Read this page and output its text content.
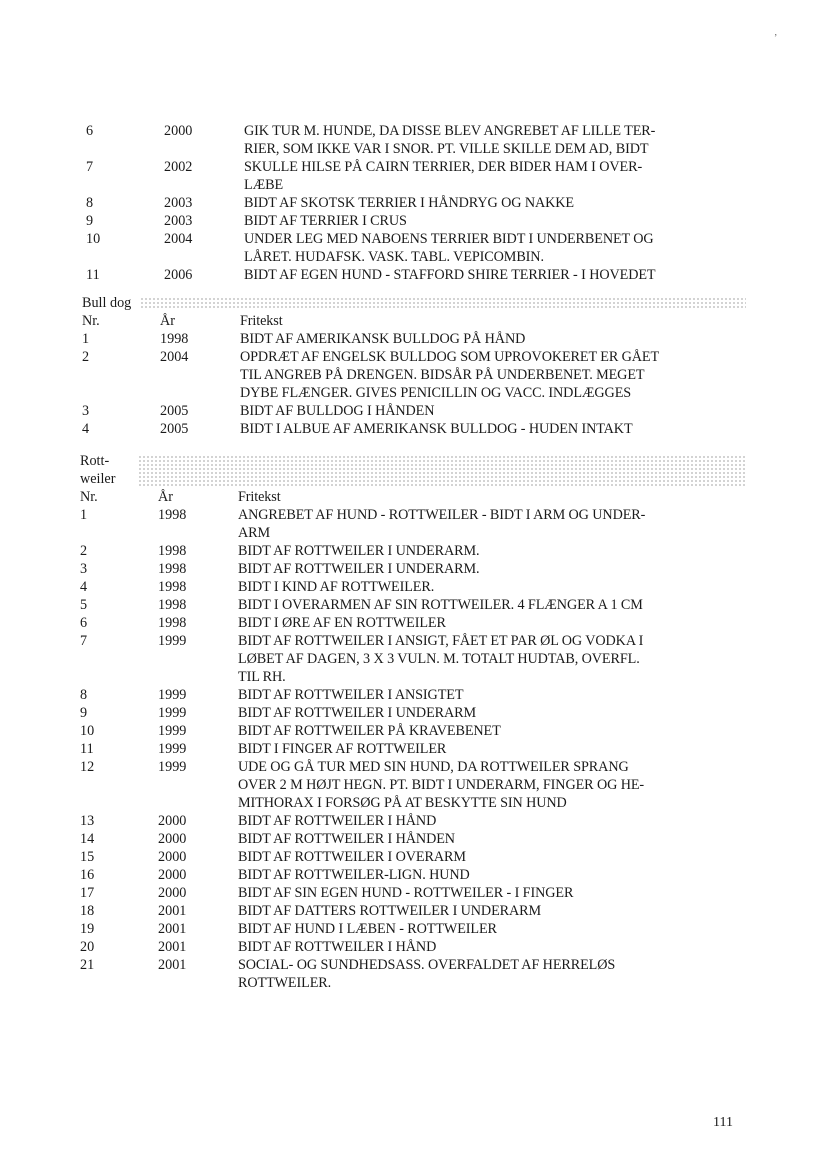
ʼ
6	2000	GIK TUR M. HUNDE, DA DISSE BLEV ANGREBET AF LILLE TER-
RIER, SOM IKKE VAR I SNOR. PT. VILLE SKILLE DEM AD, BIDT
7	2002	SKULLE HILSE PÅ CAIRN TERRIER, DER BIDER HAM I OVER-
LÆBE
8	2003	BIDT AF SKOTSK TERRIER I HÅNDRYG OG NAKKE
9	2003	BIDT AF TERRIER I CRUS
10	2004	UNDER LEG MED NABOENS TERRIER BIDT I UNDERBENET OG
LÅRET. HUDAFSK. VASK. TABL. VEPICOMBIN.
11	2006	BIDT AF EGEN HUND - STAFFORD SHIRE TERRIER - I HOVEDET
Bull dog
Nr.	År	Fritekst
1	1998	BIDT AF AMERIKANSK BULLDOG PÅ HÅND
2	2004	OPDRÆT AF ENGELSK BULLDOG SOM UPROVOKERET ER GÅET
TIL ANGREB PÅ DRENGEN. BIDSÅR PÅ UNDERBENET. MEGET
DYBE FLÆNGER. GIVES PENICILLIN OG VACC. INDLÆGGES
3	2005	BIDT AF BULLDOG I HÅNDEN
4	2005	BIDT I ALBUE AF AMERIKANSK BULLDOG - HUDEN INTAKT
Rott-
weiler
Nr.	År	Fritekst
1	1998	ANGREBET AF HUND - ROTTWEILER - BIDT I ARM OG UNDER-
ARM
2	1998	BIDT AF ROTTWEILER I UNDERARM.
3	1998	BIDT AF ROTTWEILER I UNDERARM.
4	1998	BIDT I KIND AF ROTTWEILER.
5	1998	BIDT I OVERARMEN AF SIN ROTTWEILER. 4 FLÆNGER A 1 CM
6	1998	BIDT I ØRE AF EN ROTTWEILER
7	1999	BIDT AF ROTTWEILER I ANSIGT, FÅET ET PAR ØL OG VODKA I
LØBET AF DAGEN, 3 X 3 VULN. M. TOTALT HUDTAB, OVERFL.
TIL RH.
8	1999	BIDT AF ROTTWEILER I ANSIGTET
9	1999	BIDT AF ROTTWEILER I UNDERARM
10	1999	BIDT AF ROTTWEILER PÅ KRAVEBENET
11	1999	BIDT I FINGER AF ROTTWEILER
12	1999	UDE OG GÅ TUR MED SIN HUND, DA ROTTWEILER SPRANG
OVER 2 M HØJT HEGN. PT. BIDT I UNDERARM, FINGER OG HE-
MITHORAX I FORSØG PÅ AT BESKYTTE SIN HUND
13	2000	BIDT AF ROTTWEILER I HÅND
14	2000	BIDT AF ROTTWEILER I HÅNDEN
15	2000	BIDT AF ROTTWEILER I OVERARM
16	2000	BIDT AF ROTTWEILER-LIGN. HUND
17	2000	BIDT AF SIN EGEN HUND - ROTTWEILER - I FINGER
18	2001	BIDT AF DATTERS ROTTWEILER I UNDERARM
19	2001	BIDT AF HUND I LÆBEN - ROTTWEILER
20	2001	BIDT AF ROTTWEILER I HÅND
21	2001	SOCIAL- OG SUNDHEDSASS. OVERFALDET AF HERRELØS
ROTTWEILER.
111
